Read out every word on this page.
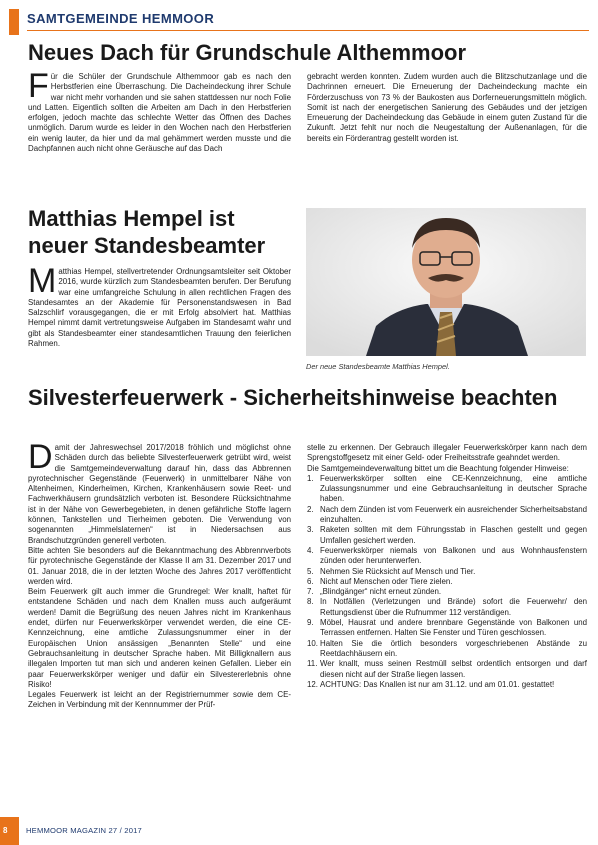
SAMTGEMEINDE HEMMOOR
Neues Dach für Grundschule Althemmoor
F ür die Schüler der Grundschule Althemmoor gab es nach den Herbstferien eine Überraschung. Die Dacheindeckung ihrer Schule war nicht mehr vorhanden und sie sahen stattdessen nur noch Folie und Latten. Eigentlich sollten die Arbeiten am Dach in den Herbstferien erfolgen, jedoch machte das schlechte Wetter das Öffnen des Daches unmöglich. Darum wurde es leider in den Wochen nach den Herbstferien ein wenig lauter, da hier und da mal gehämmert werden musste und die Dachpfannen auch nicht ohne Geräusche auf das Dach
gebracht werden konnten. Zudem wurden auch die Blitzschutzanlage und die Dachrinnen erneuert. Die Erneuerung der Dacheindeckung machte ein Förderzuschuss von 73 % der Baukosten aus Dorferneuerungsmitteln möglich. Somit ist nach der energetischen Sanierung des Gebäudes und der jetzigen Erneuerung der Dacheindeckung das Gebäude in einem guten Zustand für die Zukunft. Jetzt fehlt nur noch die Neugestaltung der Außenanlagen, für die bereits ein Förderantrag gestellt worden ist.
Matthias Hempel ist neuer Standesbeamter
M atthias Hempel, stellvertretender Ordnungsamtsleiter seit Oktober 2016, wurde kürzlich zum Standesbeamten berufen. Der Berufung war eine umfangreiche Schulung in allen rechtlichen Fragen des Standesamtes an der Akademie für Personenstandswesen in Bad Salzschlirf vorausgegangen, die er mit Erfolg absolviert hat. Matthias Hempel nimmt damit vertretungsweise Aufgaben im Standesamt wahr und gibt als Standesbeamter einer standesamtlichen Trauung den feierlichen Rahmen.
Der neue Standesbeamte Matthias Hempel.
Silvesterfeuerwerk - Sicherheitshinweise beachten

D amit der Jahreswechsel 2017/2018 fröhlich und möglichst ohne Schäden durch das beliebte Silvesterfeuerwerk getrübt wird, weist die Samtgemeindeverwaltung darauf hin, dass das Abbrennen pyrotechnischer Gegenstände (Feuerwerk) in unmittelbarer Nähe von Altenheimen, Kinderheimen, Kirchen, Krankenhäusern sowie Reet- und Fachwerkhäusern grundsätzlich verboten ist. Besondere Rücksichtnahme ist in der Nähe von Gewerbegebieten, in denen gefährliche Stoffe lagern können, Tankstellen und Tierheimen geboten. Die Verwendung von sogenannten „Himmelslaternen“ ist in Niedersachsen aus Brandschutzgründen generell verboten.

Bitte achten Sie besonders auf die Bekanntmachung des Abbrennverbots für pyrotechnische Gegenstände der Klasse II am 31. Dezember 2017 und 01. Januar 2018, die in der letzten Woche des Jahres 2017 veröffentlicht werden wird.

Beim Feuerwerk gilt auch immer die Grundregel: Wer knallt, haftet für entstandene Schäden und nach dem Knallen muss auch aufgeräumt werden! Damit die Begrüßung des neuen Jahres nicht im Krankenhaus endet, dürfen nur Feuerwerkskörper verwendet werden, die eine CE-Kennzeichnung, eine amtliche Zulassungsnummer einer in der Europäischen Union ansässigen „Benannten Stelle“ und eine Gebrauchsanleitung in deutscher Sprache haben. Mit Billigknallern aus illegalen Importen tut man sich und anderen keinen Gefallen. Lieber ein paar Feuerwerkskörper weniger und dafür ein Silvestererlebnis ohne Risiko!

Legales Feuerwerk ist leicht an der Registriernummer sowie dem CE-Zeichen in Verbindung mit der Kennnummer der Prüf-

stelle zu erkennen. Der Gebrauch illegaler Feuerwerkskörper kann nach dem Sprengstoffgesetz mit einer Geld- oder Freiheitsstrafe geahndet werden.

Die Samtgemeindeverwaltung bittet um die Beachtung folgender Hinweise:

1. Feuerwerkskörper sollten eine CE-Kennzeichnung, eine amtliche Zulassungsnummer und eine Gebrauchsanleitung in deutscher Sprache haben.
2. Nach dem Zünden ist vom Feuerwerk ein ausreichender Sicherheitsabstand einzuhalten.
3. Raketen sollten mit dem Führungsstab in Flaschen gestellt und gegen Umfallen gesichert werden.
4. Feuerwerkskörper niemals von Balkonen und aus Wohnhausfenstern zünden oder herunterwerfen.
5. Nehmen Sie Rücksicht auf Mensch und Tier.
6. Nicht auf Menschen oder Tiere zielen.
7. „Blindgänger“ nicht erneut zünden.
8. In Notfällen (Verletzungen und Brände) sofort die Feuerwehr/ den Rettungsdienst über die Rufnummer 112 verständigen.
9. Möbel, Hausrat und andere brennbare Gegenstände von Balkonen und Terrassen entfernen. Halten Sie Fenster und Türen geschlossen.
10. Halten Sie die örtlich besonders vorgeschriebenen Abstände zu Reetdachhäusern ein.
11. Wer knallt, muss seinen Restmüll selbst ordentlich entsorgen und darf diesen nicht auf der Straße liegen lassen.
12. ACHTUNG: Das Knallen ist nur am 31.12. und am 01.01. gestattet!
8 HEMMOOR MAGAZIN 27 / 2017
